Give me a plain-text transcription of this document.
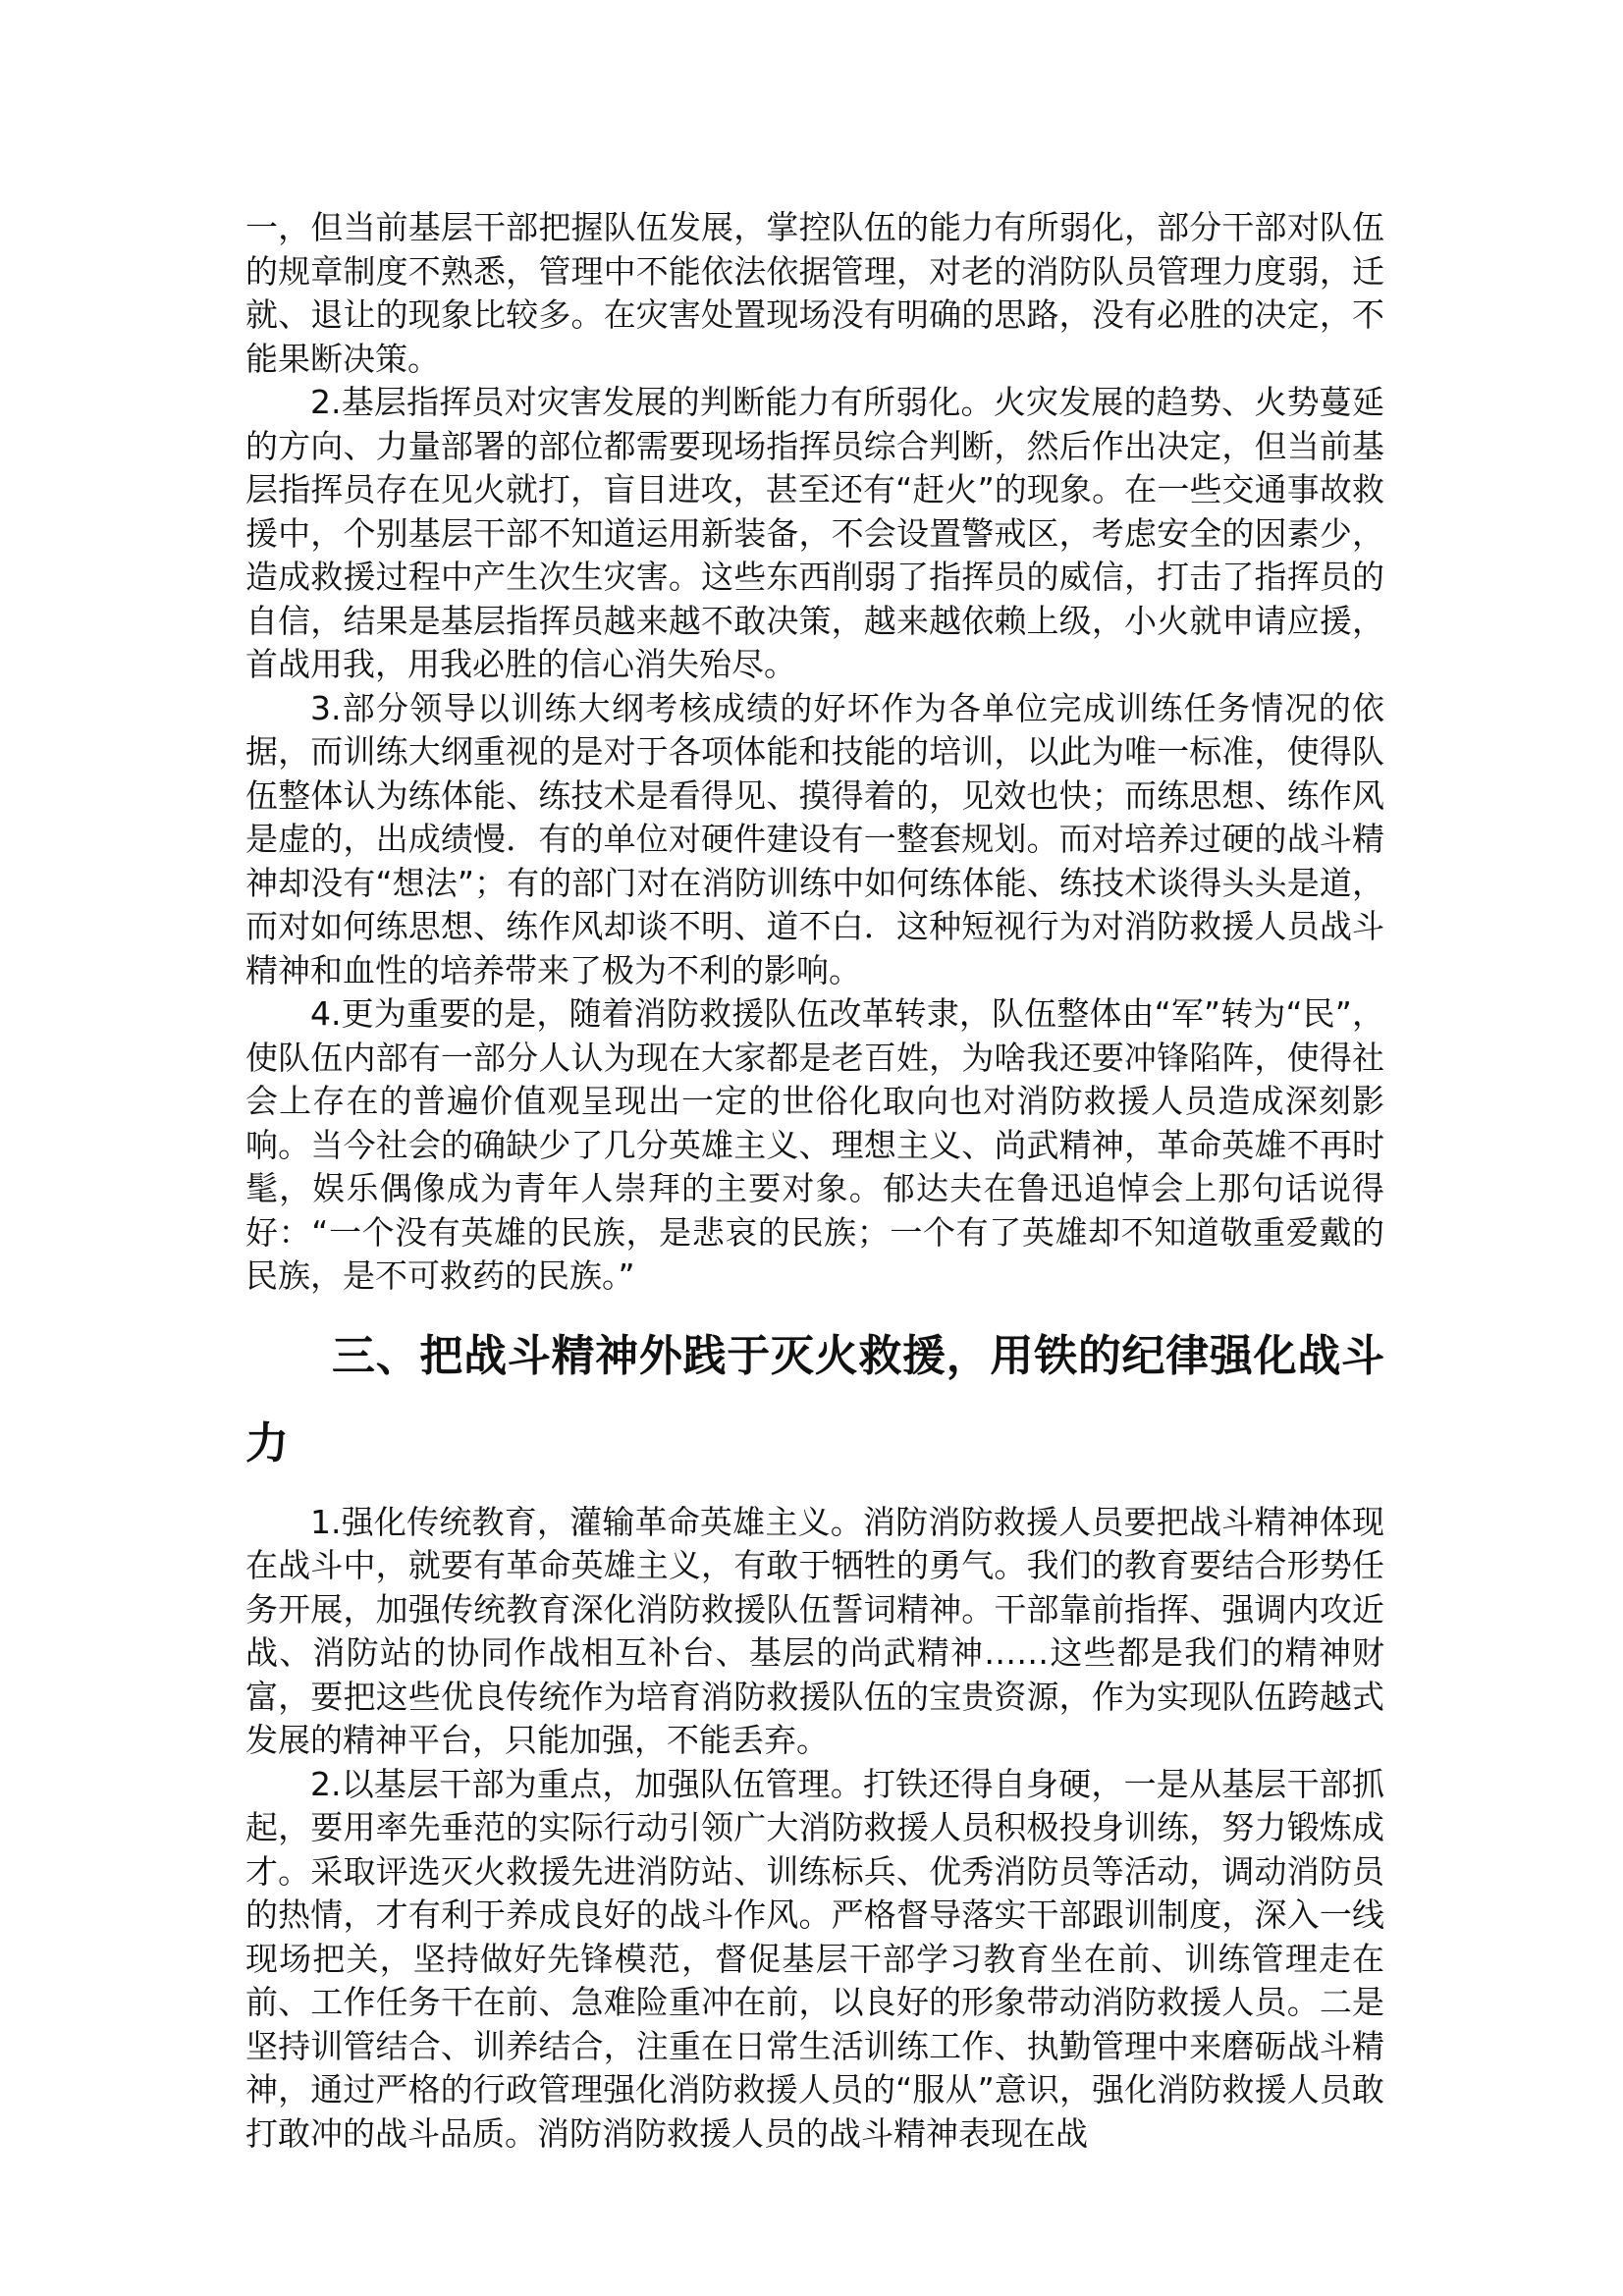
一，但当前基层干部把握队伍发展，掌控队伍的能力有所弱化，部分干部对队伍的规章制度不熟悉，管理中不能依法依据管理，对老的消防队员管理力度弱，迁就、退让的现象比较多。在灾害处置现场没有明确的思路，没有必胜的决定，不能果断决策。

2.基层指挥员对灾害发展的判断能力有所弱化。火灾发展的趋势、火势蔓延的方向、力量部署的部位都需要现场指挥员综合判断，然后作出决定，但当前基层指挥员存在见火就打，盲目进攻，甚至还有“赶火”的现象。在一些交通事故救援中，个别基层干部不知道运用新装备，不会设置警戒区，考虑安全的因素少，造成救援过程中产生次生灾害。这些东西削弱了指挥员的威信，打击了指挥员的自信，结果是基层指挥员越来越不敢决策，越来越依赖上级，小火就申请应援，首战用我，用我必胜的信心消失殆尽。

3.部分领导以训练大纲考核成绩的好坏作为各单位完成训练任务情况的依据，而训练大纲重视的是对于各项体能和技能的培训，以此为唯一标准，使得队伍整体认为练体能、练技术是看得见、摸得着的，见效也快；而练思想、练作风是虚的，出成绩慢．有的单位对硬件建设有一整套规划。而对培养过硬的战斗精神却没有“想法”；有的部门对在消防训练中如何练体能、练技术谈得头头是道，而对如何练思想、练作风却谈不明、道不白．这种短视行为对消防救援人员战斗精神和血性的培养带来了极为不利的影响。

4.更为重要的是，随着消防救援队伍改革转隶，队伍整体由“军”转为“民”，使队伍内部有一部分人认为现在大家都是老百姓，为啥我还要冲锋陷阵，使得社会上存在的普遍价值观呈现出一定的世俗化取向也对消防救援人员造成深刻影响。当今社会的确缺少了几分英雄主义、理想主义、尚武精神，革命英雄不再时髦，娱乐偶像成为青年人崇拜的主要对象。郁达夫在鲁迅追悼会上那句话说得好：“一个没有英雄的民族，是悲哀的民族；一个有了英雄却不知道敬重爱戴的民族，是不可救药的民族。”

三、把战斗精神外践于灭火救援，用铁的纪律强化战斗力

1.强化传统教育，灌输革命英雄主义。消防消防救援人员要把战斗精神体现在战斗中，就要有革命英雄主义，有敢于牺牲的勇气。我们的教育要结合形势任务开展，加强传统教育深化消防救援队伍誓词精神。干部靠前指挥、强调内攻近战、消防站的协同作战相互补台、基层的尚武精神……这些都是我们的精神财富，要把这些优良传统作为培育消防救援队伍的宝贵资源，作为实现队伍跨越式发展的精神平台，只能加强，不能丢弃。

2.以基层干部为重点，加强队伍管理。打铁还得自身硬，一是从基层干部抓起，要用率先垂范的实际行动引领广大消防救援人员积极投身训练，努力锻炼成才。采取评选灭火救援先进消防站、训练标兵、优秀消防员等活动，调动消防员的热情，才有利于养成良好的战斗作风。严格督导落实干部跟训制度，深入一线现场把关，坚持做好先锋模范，督促基层干部学习教育坐在前、训练管理走在前、工作任务干在前、急难险重冲在前，以良好的形象带动消防救援人员。二是坚持训管结合、训养结合，注重在日常生活训练工作、执勤管理中来磨砺战斗精神，通过严格的行政管理强化消防救援人员的“服从”意识，强化消防救援人员敢打敢冲的战斗品质。消防消防救援人员的战斗精神表现在战
